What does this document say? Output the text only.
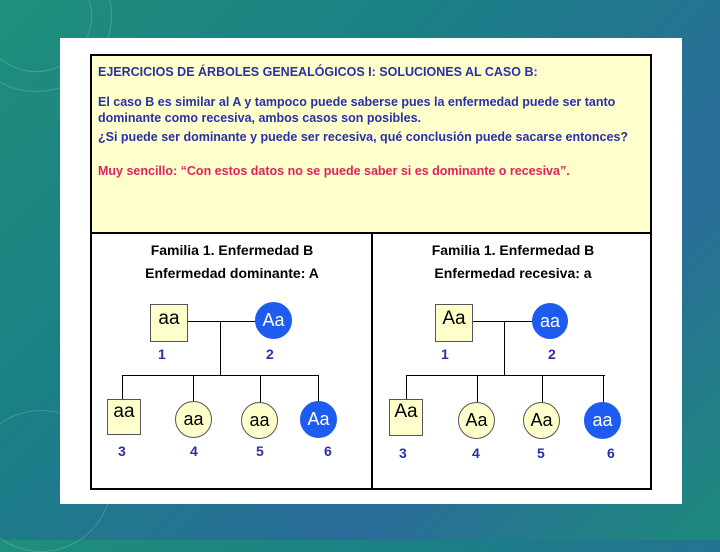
EJERCICIOS DE ÁRBOLES GENEALÓGICOS I: SOLUCIONES AL CASO B:

El caso B es similar al A y tampoco puede saberse pues la enfermedad puede ser tanto dominante como recesiva, ambos casos son posibles.

¿Si puede ser dominante y puede ser recesiva, qué conclusión puede sacarse entonces?

Muy sencillo: “Con estos datos no se puede saber si es dominante o recesiva”.

Familia 1. Enfermedad B
Enfermedad dominante: A
aa	Aa
1	2
aa	aa	aa	Aa
3	4	5	6
Familia 1. Enfermedad B
Enfermedad recesiva: a
Aa	aa
1	2
Aa	Aa	Aa	aa
3	4	5	6
